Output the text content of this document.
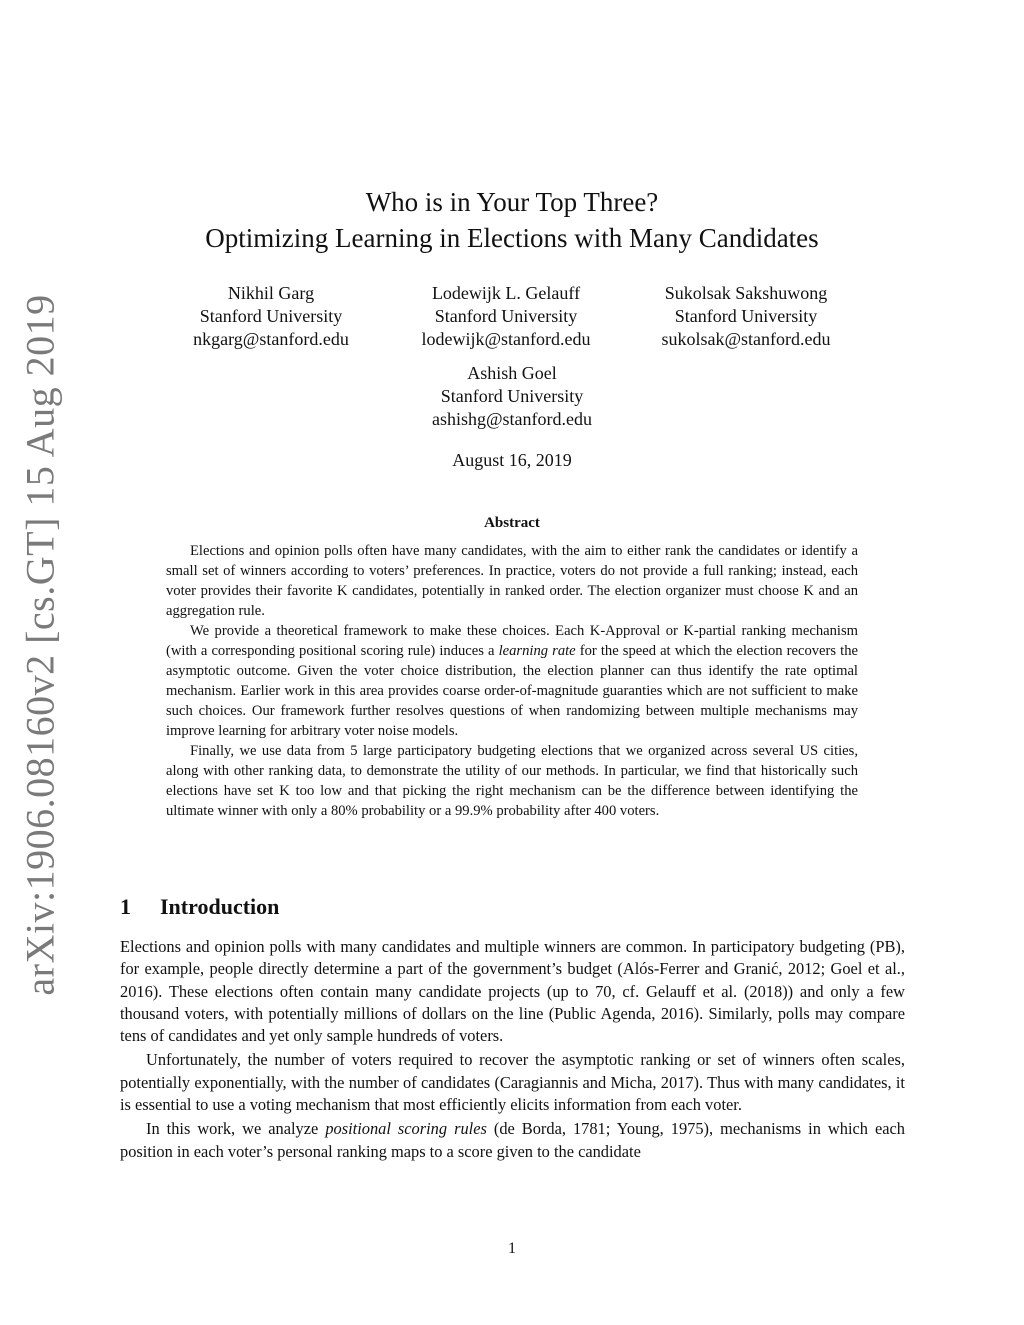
arXiv:1906.08160v2 [cs.GT] 15 Aug 2019
Who is in Your Top Three?
Optimizing Learning in Elections with Many Candidates
Nikhil Garg
Stanford University
nkgarg@stanford.edu
Lodewijk L. Gelauff
Stanford University
lodewijk@stanford.edu
Sukolsak Sakshuwong
Stanford University
sukolsak@stanford.edu
Ashish Goel
Stanford University
ashishg@stanford.edu
August 16, 2019
Abstract

Elections and opinion polls often have many candidates, with the aim to either rank the candidates or identify a small set of winners according to voters’ preferences. In practice, voters do not provide a full ranking; instead, each voter provides their favorite K candidates, potentially in ranked order. The election organizer must choose K and an aggregation rule.

We provide a theoretical framework to make these choices. Each K-Approval or K-partial ranking mechanism (with a corresponding positional scoring rule) induces a learning rate for the speed at which the election recovers the asymptotic outcome. Given the voter choice distribution, the election planner can thus identify the rate optimal mechanism. Earlier work in this area provides coarse order-of-magnitude guaranties which are not sufficient to make such choices. Our framework further resolves questions of when randomizing between multiple mechanisms may improve learning for arbitrary voter noise models.

Finally, we use data from 5 large participatory budgeting elections that we organized across several US cities, along with other ranking data, to demonstrate the utility of our methods. In particular, we find that historically such elections have set K too low and that picking the right mechanism can be the difference between identifying the ultimate winner with only a 80% probability or a 99.9% probability after 400 voters.

1 Introduction

Elections and opinion polls with many candidates and multiple winners are common. In participatory budgeting (PB), for example, people directly determine a part of the government’s budget (Alós-Ferrer and Granić, 2012; Goel et al., 2016). These elections often contain many candidate projects (up to 70, cf. Gelauff et al. (2018)) and only a few thousand voters, with potentially millions of dollars on the line (Public Agenda, 2016). Similarly, polls may compare tens of candidates and yet only sample hundreds of voters.

Unfortunately, the number of voters required to recover the asymptotic ranking or set of winners often scales, potentially exponentially, with the number of candidates (Caragiannis and Micha, 2017). Thus with many candidates, it is essential to use a voting mechanism that most efficiently elicits information from each voter.

In this work, we analyze positional scoring rules (de Borda, 1781; Young, 1975), mechanisms in which each position in each voter’s personal ranking maps to a score given to the candidate

1
